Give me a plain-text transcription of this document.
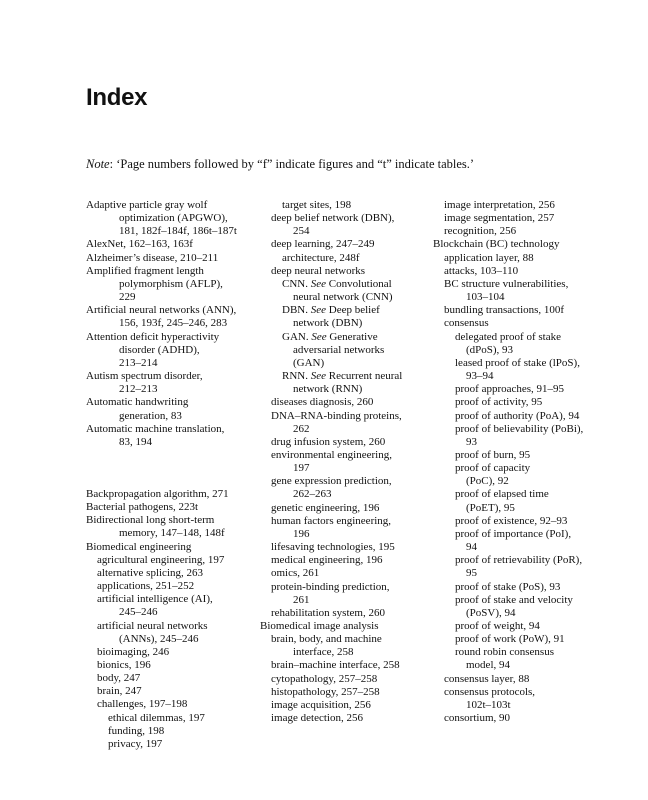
Index
Note: ‘Page numbers followed by “f” indicate figures and “t” indicate tables.’
Adaptive particle gray wolf
optimization (APGWO),
181, 182f–184f, 186t–187t
AlexNet, 162–163, 163f
Alzheimer’s disease, 210–211
Amplified fragment length
polymorphism (AFLP),
229
Artificial neural networks (ANN),
156, 193f, 245–246, 283
Attention deficit hyperactivity
disorder (ADHD),
213–214
Autism spectrum disorder,
212–213
Automatic handwriting
generation, 83
Automatic machine translation,
83, 194
Backpropagation algorithm, 271
Bacterial pathogens, 223t
Bidirectional long short-term
memory, 147–148, 148f
Biomedical engineering
agricultural engineering, 197
alternative splicing, 263
applications, 251–252
artificial intelligence (AI),
245–246
artificial neural networks
(ANNs), 245–246
bioimaging, 246
bionics, 196
body, 247
brain, 247
challenges, 197–198
ethical dilemmas, 197
funding, 198
privacy, 197
target sites, 198
deep belief network (DBN),
254
deep learning, 247–249
architecture, 248f
deep neural networks
CNN. See Convolutional
neural network (CNN)
DBN. See Deep belief
network (DBN)
GAN. See Generative
adversarial networks
(GAN)
RNN. See Recurrent neural
network (RNN)
diseases diagnosis, 260
DNA–RNA-binding proteins,
262
drug infusion system, 260
environmental engineering,
197
gene expression prediction,
262–263
genetic engineering, 196
human factors engineering,
196
lifesaving technologies, 195
medical engineering, 196
omics, 261
protein-binding prediction,
261
rehabilitation system, 260
Biomedical image analysis
brain, body, and machine
interface, 258
brain–machine interface, 258
cytopathology, 257–258
histopathology, 257–258
image acquisition, 256
image detection, 256
image interpretation, 256
image segmentation, 257
recognition, 256
Blockchain (BC) technology
application layer, 88
attacks, 103–110
BC structure vulnerabilities,
103–104
bundling transactions, 100f
consensus
delegated proof of stake
(dPoS), 93
leased proof of stake (lPoS),
93–94
proof approaches, 91–95
proof of activity, 95
proof of authority (PoA), 94
proof of believability (PoBi),
93
proof of burn, 95
proof of capacity
(PoC), 92
proof of elapsed time
(PoET), 95
proof of existence, 92–93
proof of importance (PoI),
94
proof of retrievability (PoR),
95
proof of stake (PoS), 93
proof of stake and velocity
(PoSV), 94
proof of weight, 94
proof of work (PoW), 91
round robin consensus
model, 94
consensus layer, 88
consensus protocols,
102t–103t
consortium, 90
